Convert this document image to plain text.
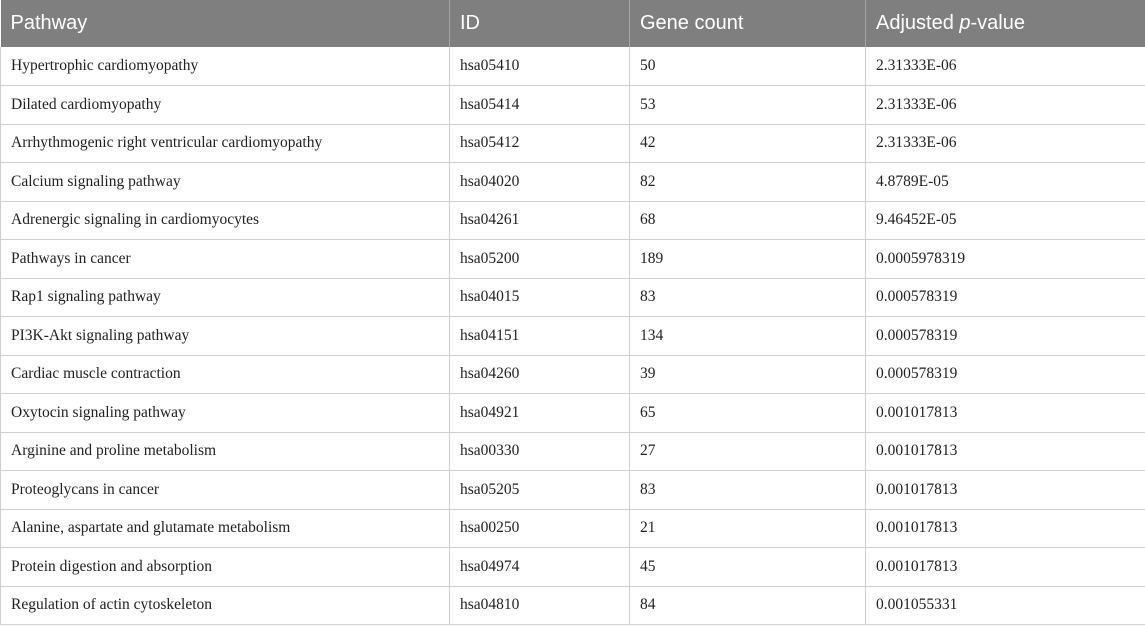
Pathway	ID	Gene count	Adjusted p-value
Hypertrophic cardiomyopathy	hsa05410	50	2.31333E-06
Dilated cardiomyopathy	hsa05414	53	2.31333E-06
Arrhythmogenic right ventricular cardiomyopathy	hsa05412	42	2.31333E-06
Calcium signaling pathway	hsa04020	82	4.8789E-05
Adrenergic signaling in cardiomyocytes	hsa04261	68	9.46452E-05
Pathways in cancer	hsa05200	189	0.0005978319
Rap1 signaling pathway	hsa04015	83	0.000578319
PI3K-Akt signaling pathway	hsa04151	134	0.000578319
Cardiac muscle contraction	hsa04260	39	0.000578319
Oxytocin signaling pathway	hsa04921	65	0.001017813
Arginine and proline metabolism	hsa00330	27	0.001017813
Proteoglycans in cancer	hsa05205	83	0.001017813
Alanine, aspartate and glutamate metabolism	hsa00250	21	0.001017813
Protein digestion and absorption	hsa04974	45	0.001017813
Regulation of actin cytoskeleton	hsa04810	84	0.001055331
